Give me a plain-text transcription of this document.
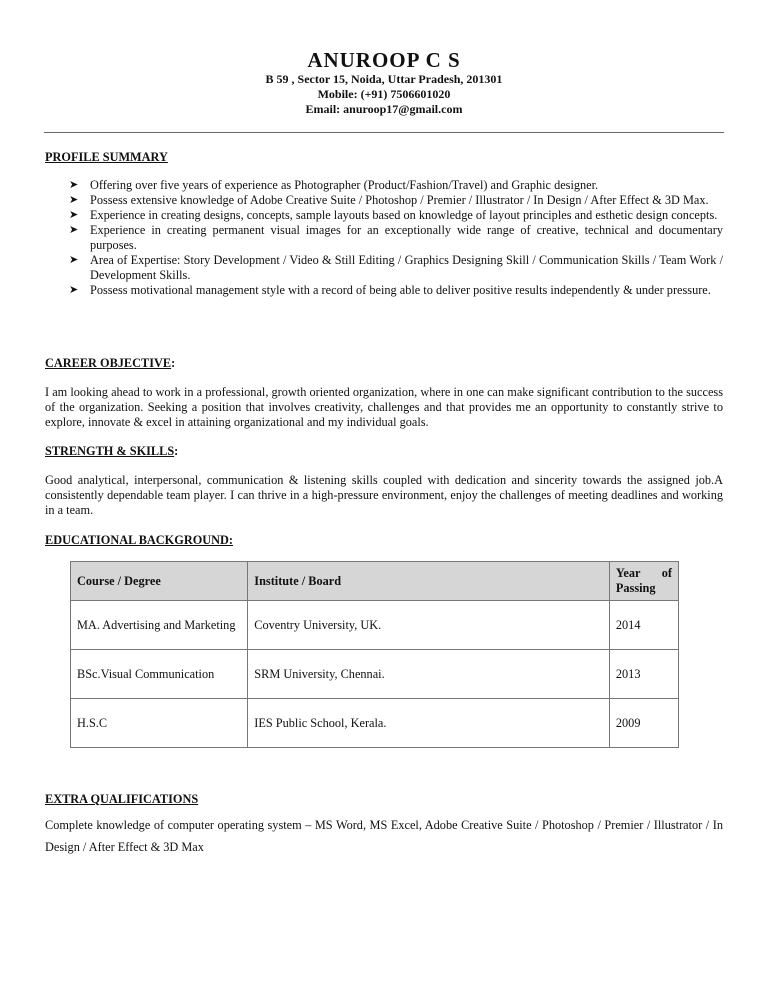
ANUROOP C S
B 59 , Sector 15, Noida, Uttar Pradesh, 201301
Mobile: (+91) 7506601020
Email: anuroop17@gmail.com
PROFILE SUMMARY
➤ Offering over five years of experience as Photographer (Product/Fashion/Travel) and Graphic designer.
➤ Possess extensive knowledge of Adobe Creative Suite / Photoshop / Premier / Illustrator / In Design / After Effect & 3D Max.
➤ Experience in creating designs, concepts, sample layouts based on knowledge of layout principles and esthetic design concepts.
➤ Experience in creating permanent visual images for an exceptionally wide range of creative, technical and documentary purposes.
➤ Area of Expertise: Story Development / Video & Still Editing / Graphics Designing Skill / Communication Skills / Team Work / Development Skills.
➤ Possess motivational management style with a record of being able to deliver positive results independently & under pressure.
CAREER OBJECTIVE:
I am looking ahead to work in a professional, growth oriented organization, where in one can make significant contribution to the success of the organization. Seeking a position that involves creativity, challenges and that provides me an opportunity to constantly strive to explore, innovate & excel in attaining organizational and my individual goals.
STRENGTH & SKILLS:
Good analytical, interpersonal, communication & listening skills coupled with dedication and sincerity towards the assigned job.A consistently dependable team player. I can thrive in a high-pressure environment, enjoy the challenges of meeting deadlines and working in a team.
EDUCATIONAL BACKGROUND:
Course / Degree	Institute / Board	Year of
Passing

MA. Advertising and Marketing	Coventry University, UK.	2014
BSc.Visual Communication	SRM University, Chennai.	2013
H.S.C	IES Public School, Kerala.	2009
EXTRA QUALIFICATIONS
Complete knowledge of computer operating system – MS Word, MS Excel, Adobe Creative Suite / Photoshop / Premier / Illustrator / In Design / After Effect & 3D Max
